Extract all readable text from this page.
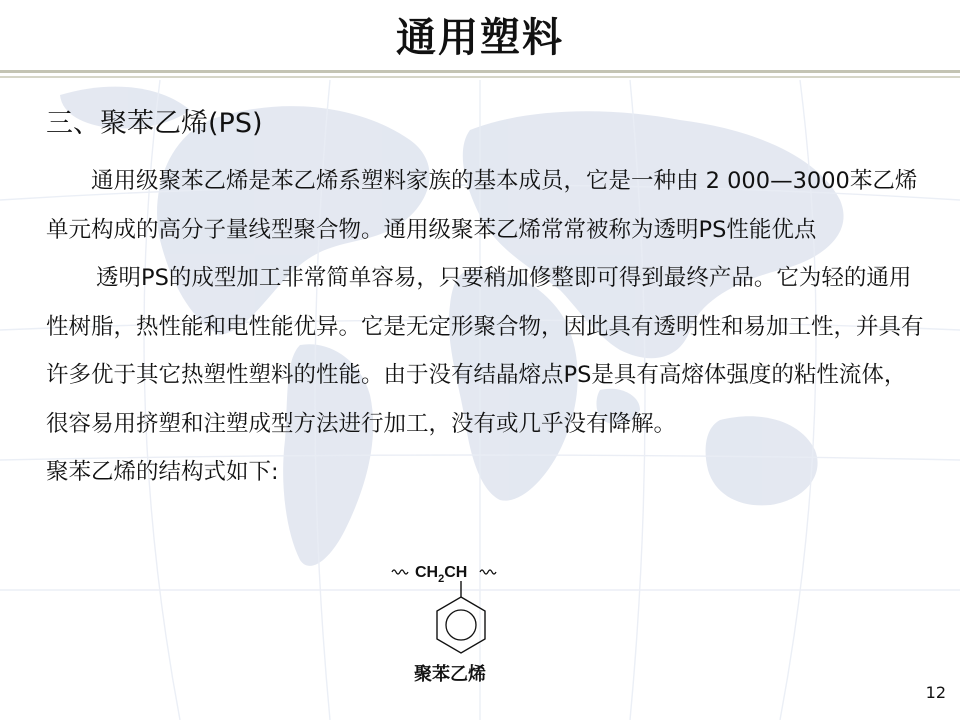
通用塑料
三、聚苯乙烯(PS)

通用级聚苯乙烯是苯乙烯系塑料家族的基本成员，它是一种由 2 000—3000苯乙烯单元构成的高分子量线型聚合物。通用级聚苯乙烯常常被称为透明PS性能优点

透明PS的成型加工非常简单容易，只要稍加修整即可得到最终产品。它为轻的通用性树脂，热性能和电性能优异。它是无定形聚合物，因此具有透明性和易加工性，并具有许多优于其它热塑性塑料的性能。由于没有结晶熔点PS是具有高熔体强度的粘性流体，很容易用挤塑和注塑成型方法进行加工，没有或几乎没有降解。

聚苯乙烯的结构式如下:

$CH_2CH$
聚苯乙烯
12
